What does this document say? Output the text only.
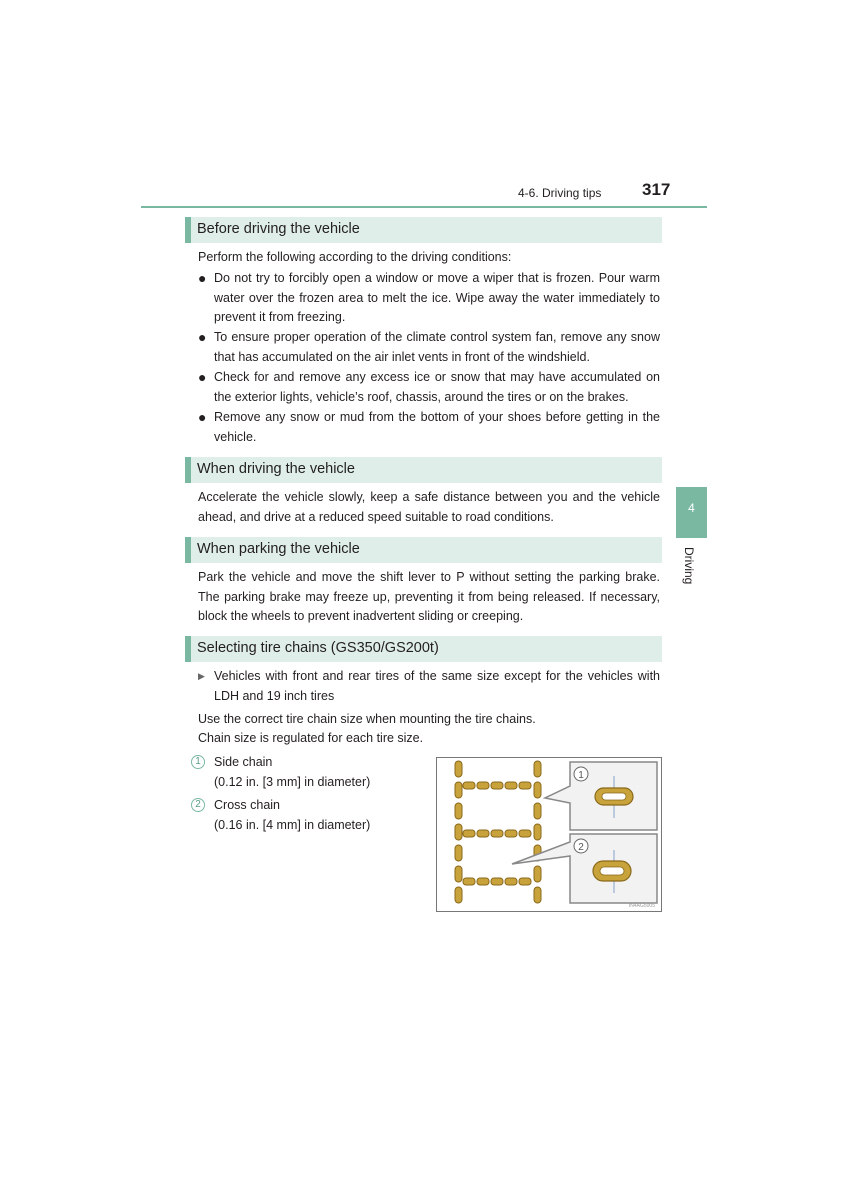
4-6. Driving tips 317
4
Driving
Before driving the vehicle
Perform the following according to the driving conditions:
● Do not try to forcibly open a window or move a wiper that is frozen. Pour warm water over the frozen area to melt the ice. Wipe away the water immediately to prevent it from freezing.
● To ensure proper operation of the climate control system fan, remove any snow that has accumulated on the air inlet vents in front of the windshield.
● Check for and remove any excess ice or snow that may have accumulated on the exterior lights, vehicle’s roof, chassis, around the tires or on the brakes.
● Remove any snow or mud from the bottom of your shoes before getting in the vehicle.
When driving the vehicle
Accelerate the vehicle slowly, keep a safe distance between you and the vehicle ahead, and drive at a reduced speed suitable to road conditions.
When parking the vehicle
Park the vehicle and move the shift lever to P without setting the parking brake. The parking brake may freeze up, preventing it from being released. If necessary, block the wheels to prevent inadvertent sliding or creeping.
Selecting tire chains (GS350/GS200t)
▶ Vehicles with front and rear tires of the same size except for the vehicles with LDH and 19 inch tires
Use the correct tire chain size when mounting the tire chains.
Chain size is regulated for each tire size.
1	Side chain
(0.12 in. [3 mm] in diameter)
2	Cross chain
(0.16 in. [4 mm] in diameter)
1
2
IN4AG5005
